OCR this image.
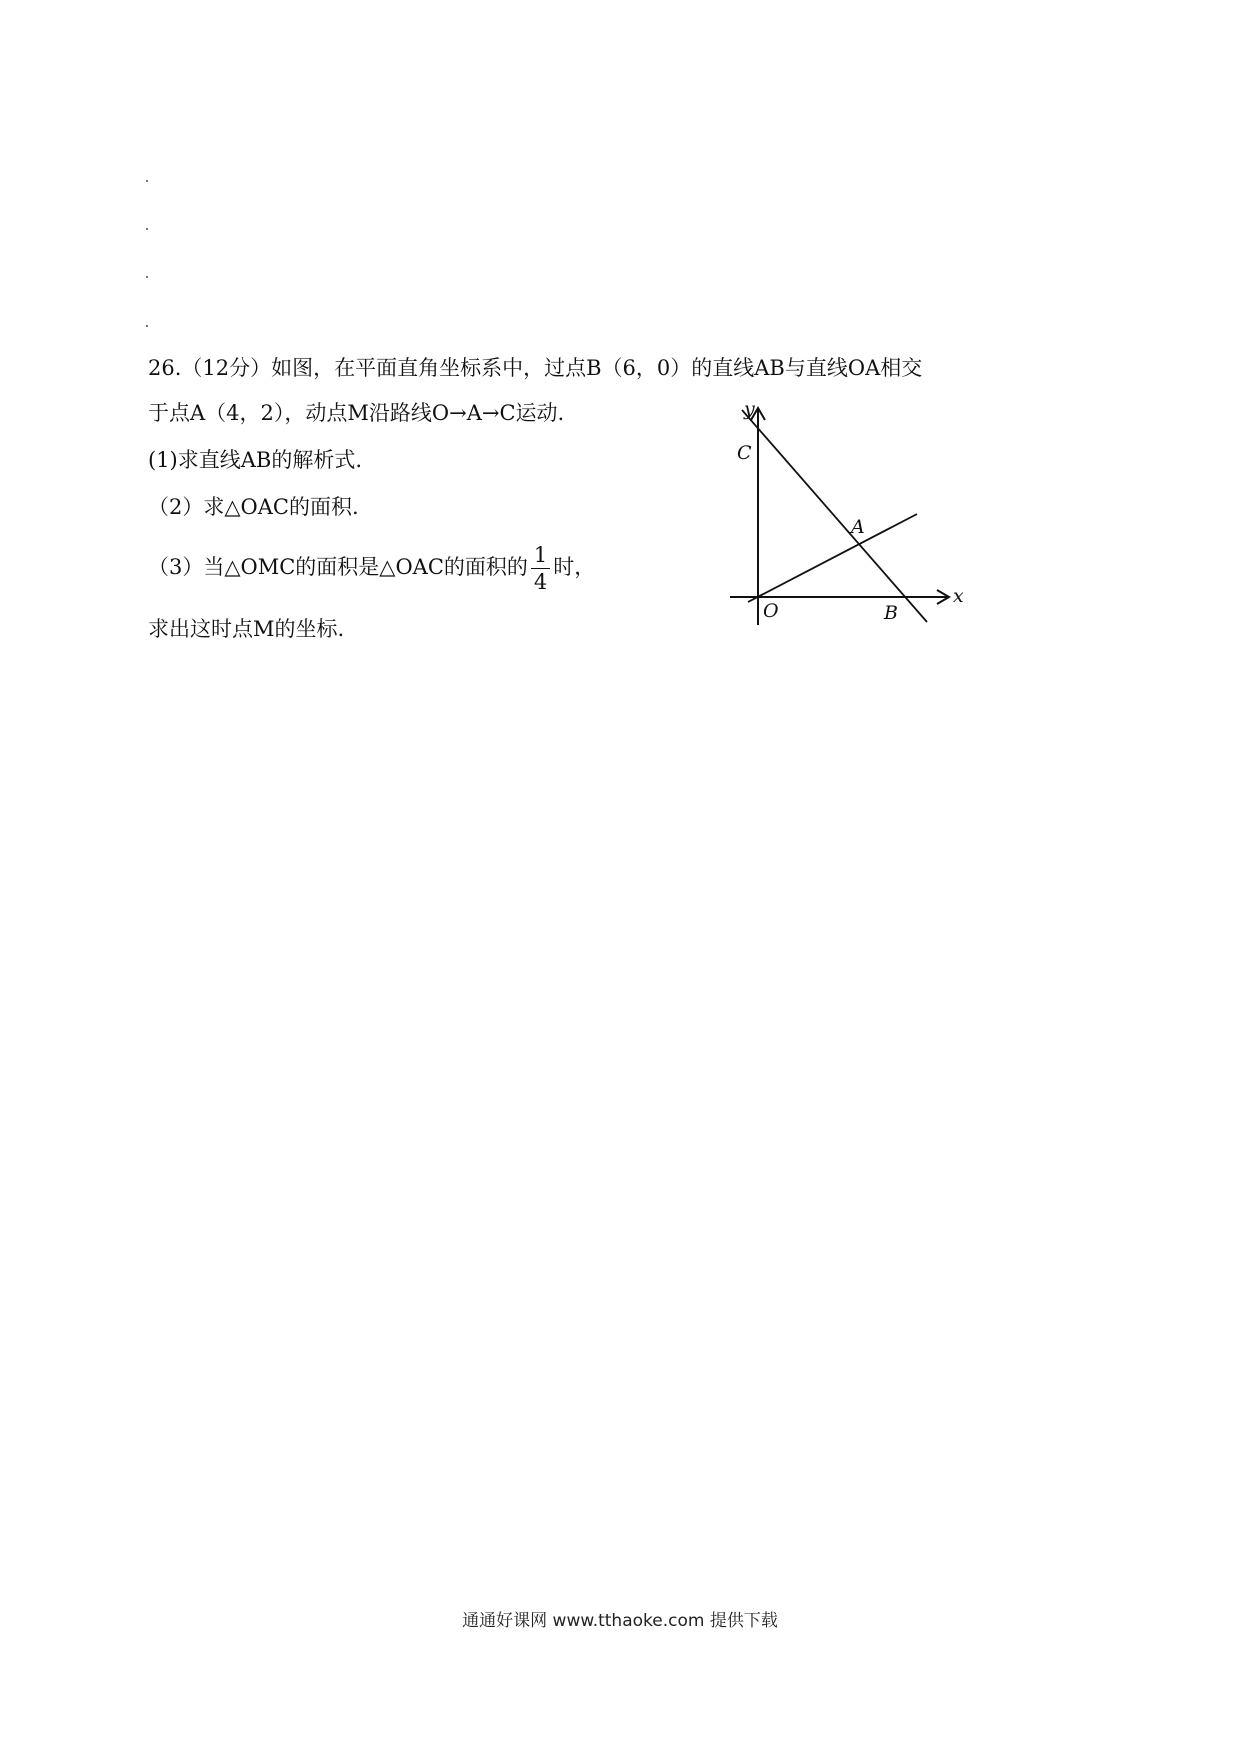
26.（12分）如图，在平面直角坐标系中，过点B（6，0）的直线AB与直线OA相交
于点A（4，2），动点M沿路线O→A→C运动.
(1)求直线AB的解析式.
（2）求△OAC的面积.
（3）当△OMC的面积是△OAC的面积的 $\frac{1}{4}$ 时，
求出这时点M的坐标.
y
x
C
A
O	B
通通好课网 www.tthaoke.com 提供下载
